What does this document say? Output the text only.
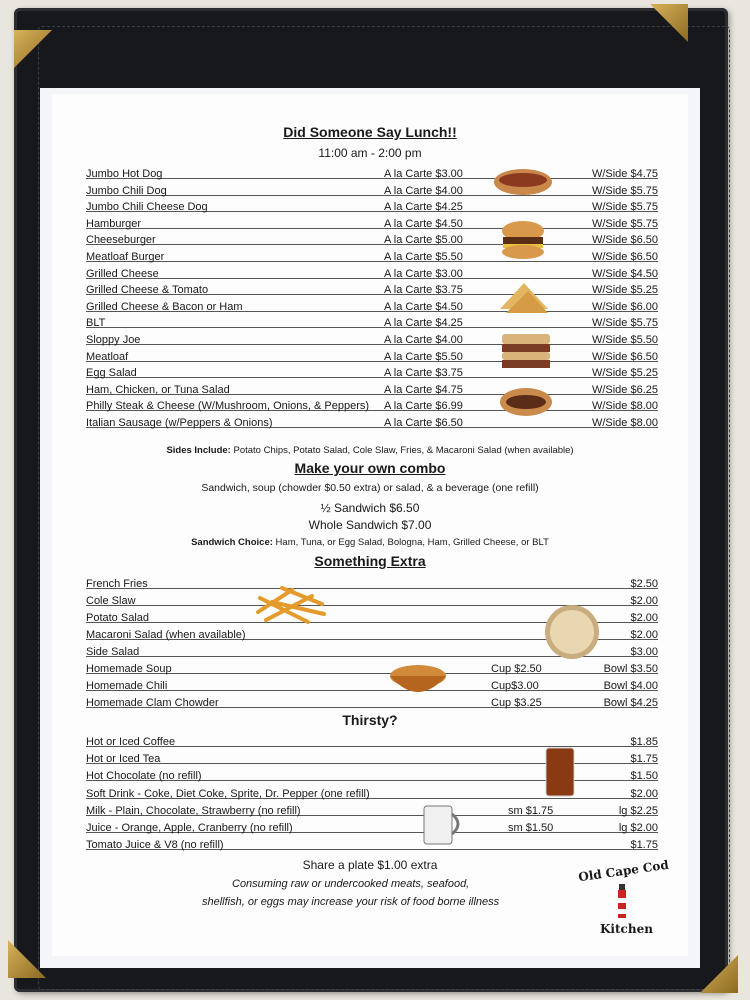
Did Someone Say Lunch!!
11:00 am - 2:00 pm
Jumbo Hot Dog	A la Carte $3.00	W/Side $4.75
Jumbo Chili Dog	A la Carte $4.00	W/Side $5.75
Jumbo Chili Cheese Dog	A la Carte $4.25	W/Side $5.75
Hamburger	A la Carte $4.50	W/Side $5.75
Cheeseburger	A la Carte $5.00	W/Side $6.50
Meatloaf Burger	A la Carte $5.50	W/Side $6.50
Grilled Cheese	A la Carte $3.00	W/Side $4.50
Grilled Cheese & Tomato	A la Carte $3.75	W/Side $5.25
Grilled Cheese & Bacon or Ham	A la Carte $4.50	W/Side $6.00
BLT	A la Carte $4.25	W/Side $5.75
Sloppy Joe	A la Carte $4.00	W/Side $5.50
Meatloaf	A la Carte $5.50	W/Side $6.50
Egg Salad	A la Carte $3.75	W/Side $5.25
Ham, Chicken, or Tuna Salad	A la Carte $4.75	W/Side $6.25
Philly Steak & Cheese (W/Mushroom, Onions, & Peppers) A la Carte $6.99	W/Side $8.00
Italian Sausage (w/Peppers & Onions)	A la Carte $6.50	W/Side $8.00
Sides Include: Potato Chips, Potato Salad, Cole Slaw, Fries, & Macaroni Salad (when available)
Make your own combo
Sandwich, soup (chowder $0.50 extra) or salad, & a beverage (one refill)
½ Sandwich $6.50
Whole Sandwich $7.00
Sandwich Choice: Ham, Tuna, or Egg Salad, Bologna, Ham, Grilled Cheese, or BLT
Something Extra
French Fries	$2.50
Cole Slaw	$2.00
Potato Salad	$2.00
Macaroni Salad (when available)	$2.00
Side Salad	$3.00
Homemade Soup	Cup $2.50	Bowl $3.50
Homemade Chili	Cup$3.00	Bowl $4.00
Homemade Clam Chowder	Cup $3.25	Bowl $4.25
Thirsty?
Hot or Iced Coffee	$1.85
Hot or Iced Tea	$1.75
Hot Chocolate (no refill)	$1.50
Soft Drink - Coke, Diet Coke, Sprite, Dr. Pepper (one refill)	$2.00
Milk - Plain, Chocolate, Strawberry (no refill)	sm $1.75	lg $2.25
Juice - Orange, Apple, Cranberry (no refill)	sm $1.50	lg $2.00
Tomato Juice & V8 (no refill)	$1.75
Share a plate $1.00 extra
Consuming raw or undercooked meats, seafood,
shellfish, or eggs may increase your risk of food borne illness
Old Cape Cod
Kitchen
